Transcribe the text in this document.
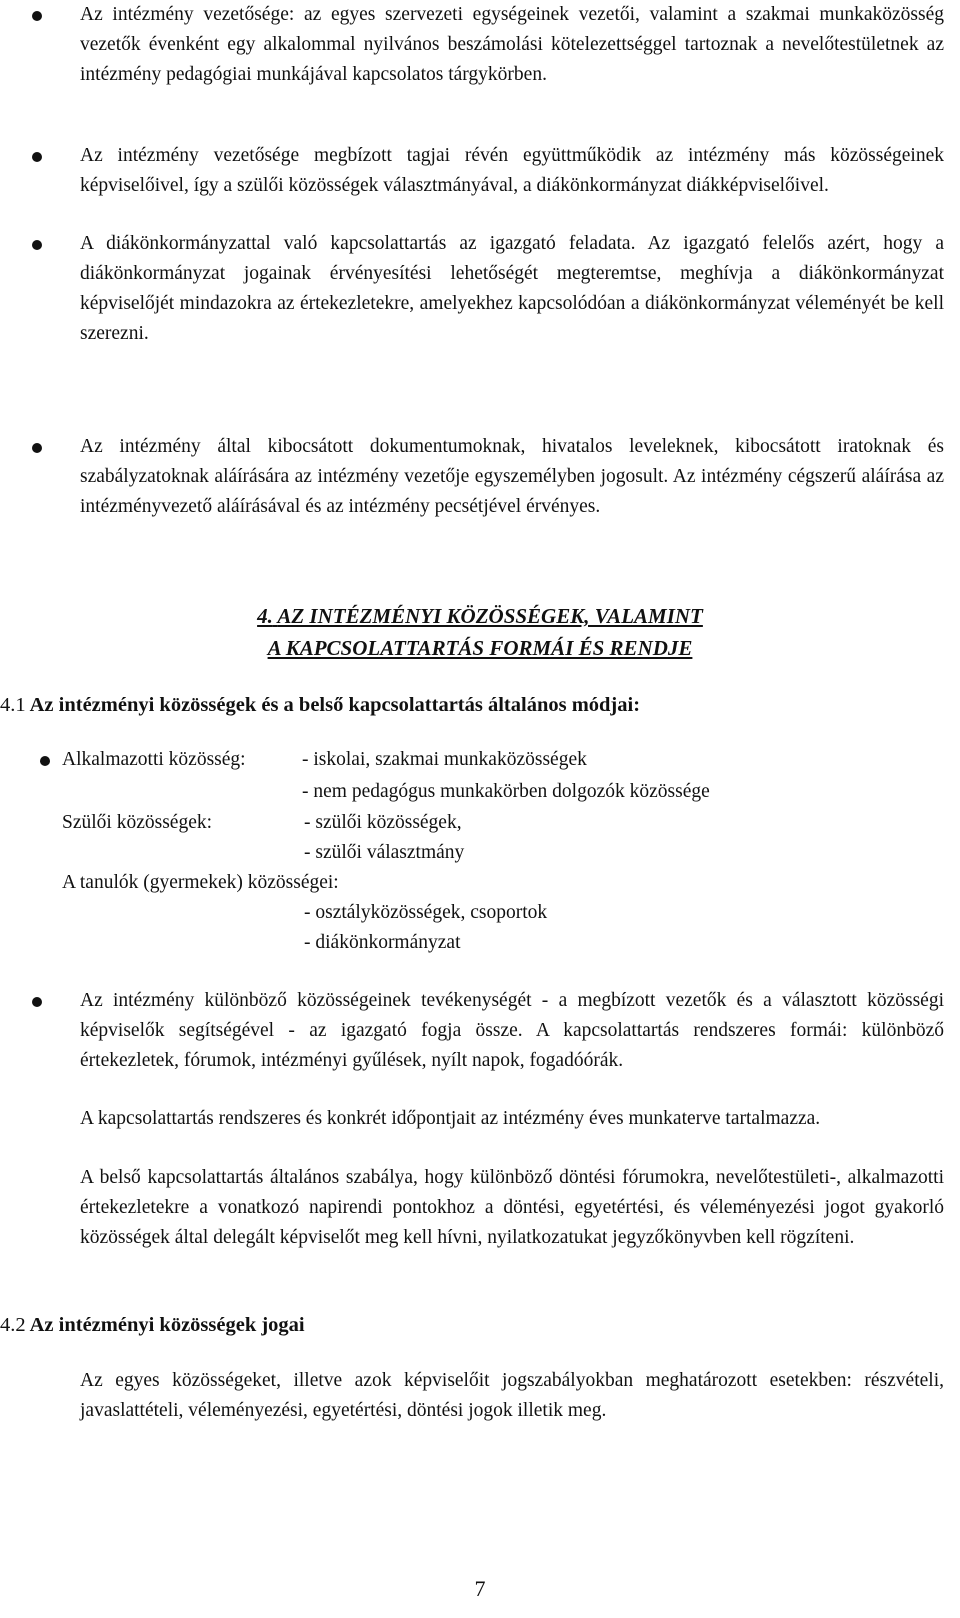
Az intézmény vezetősége: az egyes szervezeti egységeinek vezetői, valamint a szakmai munkaközösség vezetők évenként egy alkalommal nyilvános beszámolási kötelezettséggel tartoznak a nevelőtestületnek az intézmény pedagógiai munkájával kapcsolatos tárgykörben.

Az intézmény vezetősége megbízott tagjai révén együttműködik az intézmény más közösségeinek képviselőivel, így a szülői közösségek választmányával, a diákönkormányzat diákképviselőivel.

A diákönkormányzattal való kapcsolattartás az igazgató feladata. Az igazgató felelős azért, hogy a diákönkormányzat jogainak érvényesítési lehetőségét megteremtse, meghívja a diákönkormányzat képviselőjét mindazokra az értekezletekre, amelyekhez kapcsolódóan a diákönkormányzat véleményét be kell szerezni.

Az intézmény által kibocsátott dokumentumoknak, hivatalos leveleknek, kibocsátott iratoknak és szabályzatoknak aláírására az intézmény vezetője egyszemélyben jogosult. Az intézmény cégszerű aláírása az intézményvezető aláírásával és az intézmény pecsétjével érvényes.

4. AZ INTÉZMÉNYI KÖZÖSSÉGEK, VALAMINT
A KAPCSOLATTARTÁS FORMÁI ÉS RENDJE
4.1 Az intézményi közösségek és a belső kapcsolattartás általános módjai:
Alkalmazotti közösség:	- iskolai, szakmai munkaközösségek
- nem pedagógus munkakörben dolgozók közössége
Szülői közösségek:	- szülői közösségek,
- szülői választmány
A tanulók (gyermekek) közösségei:
- osztályközösségek, csoportok
- diákönkormányzat

Az intézmény különböző közösségeinek tevékenységét - a megbízott vezetők és a választott közösségi képviselők segítségével - az igazgató fogja össze. A kapcsolattartás rendszeres formái: különböző értekezletek, fórumok, intézményi gyűlések, nyílt napok, fogadóórák.

A kapcsolattartás rendszeres és konkrét időpontjait az intézmény éves munkaterve tartalmazza.

A belső kapcsolattartás általános szabálya, hogy különböző döntési fórumokra, nevelőtestületi-, alkalmazotti értekezletekre a vonatkozó napirendi pontokhoz a döntési, egyetértési, és véleményezési jogot gyakorló közösségek által delegált képviselőt meg kell hívni, nyilatkozatukat jegyzőkönyvben kell rögzíteni.

4.2 Az intézményi közösségek jogai

Az egyes közösségeket, illetve azok képviselőit jogszabályokban meghatározott esetekben: részvételi, javaslattételi, véleményezési, egyetértési, döntési jogok illetik meg.

7
